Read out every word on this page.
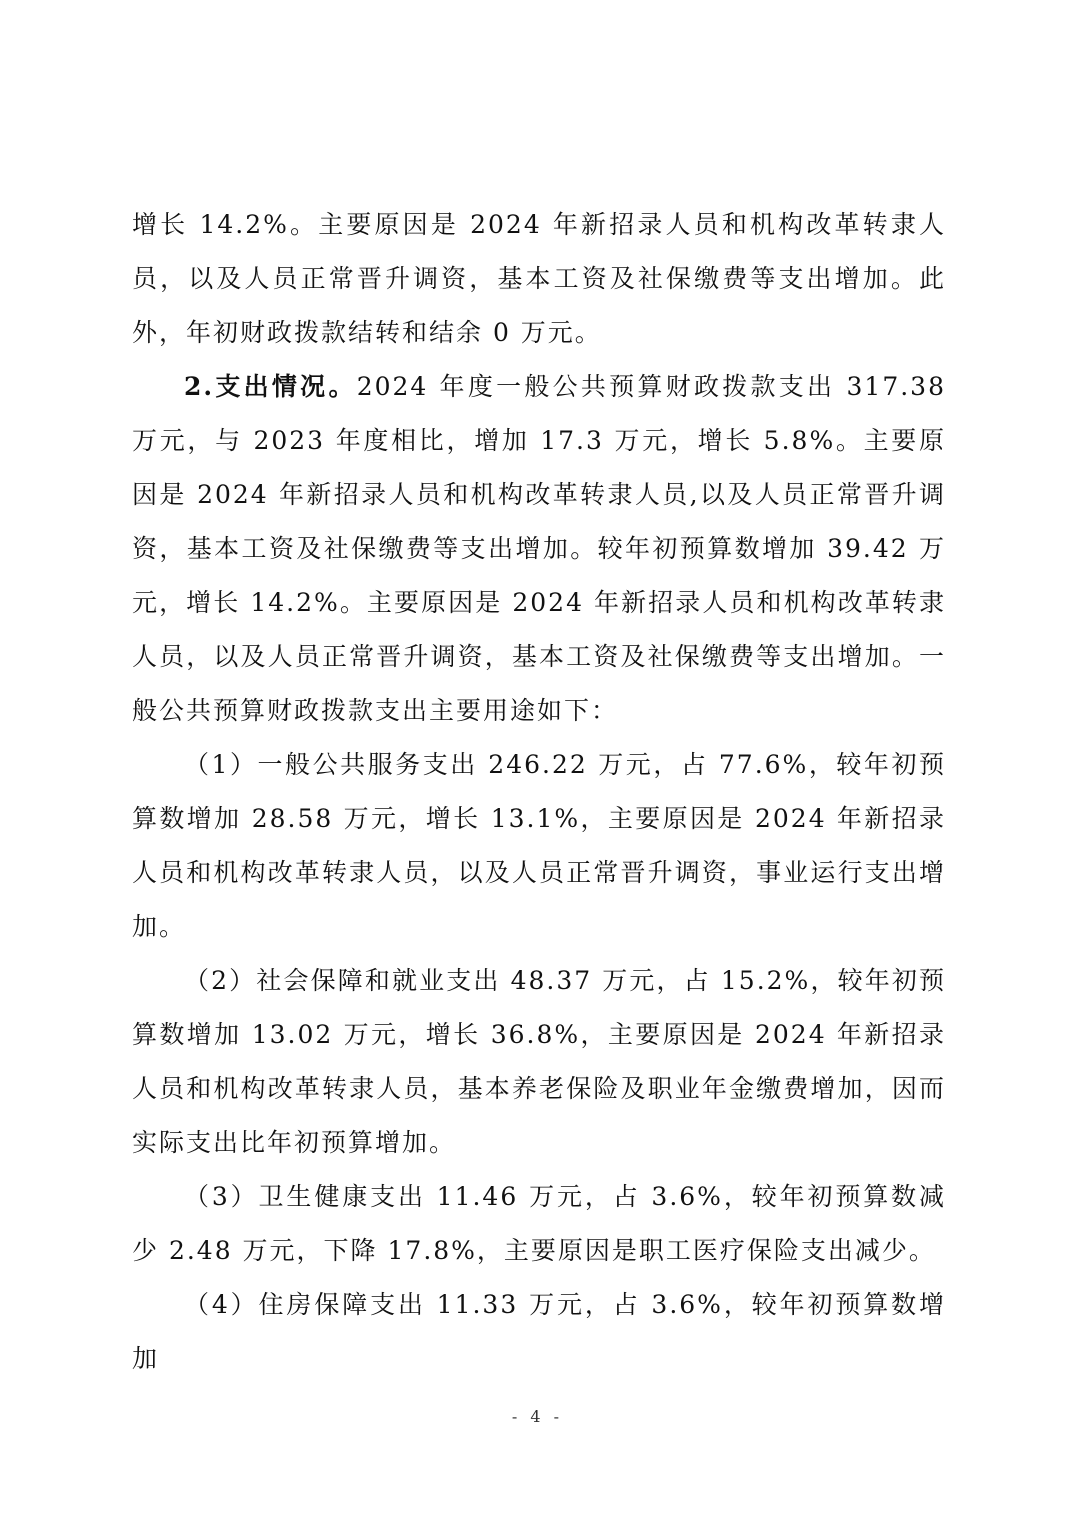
增长 14.2%。主要原因是 2024 年新招录人员和机构改革转隶人员，以及人员正常晋升调资，基本工资及社保缴费等支出增加。此外，年初财政拨款结转和结余 0 万元。

2.支出情况。2024 年度一般公共预算财政拨款支出 317.38 万元，与 2023 年度相比，增加 17.3 万元，增长 5.8%。主要原因是 2024 年新招录人员和机构改革转隶人员,以及人员正常晋升调资，基本工资及社保缴费等支出增加。较年初预算数增加 39.42 万元，增长 14.2%。主要原因是 2024 年新招录人员和机构改革转隶人员，以及人员正常晋升调资，基本工资及社保缴费等支出增加。一般公共预算财政拨款支出主要用途如下：

（1）一般公共服务支出 246.22 万元，占 77.6%，较年初预算数增加 28.58 万元，增长 13.1%，主要原因是 2024 年新招录人员和机构改革转隶人员，以及人员正常晋升调资，事业运行支出增加。

（2）社会保障和就业支出 48.37 万元，占 15.2%，较年初预算数增加 13.02 万元，增长 36.8%，主要原因是 2024 年新招录人员和机构改革转隶人员，基本养老保险及职业年金缴费增加，因而实际支出比年初预算增加。

（3）卫生健康支出 11.46 万元，占 3.6%，较年初预算数减少 2.48 万元，下降 17.8%，主要原因是职工医疗保险支出减少。

（4）住房保障支出 11.33 万元，占 3.6%，较年初预算数增加

- 4 -
